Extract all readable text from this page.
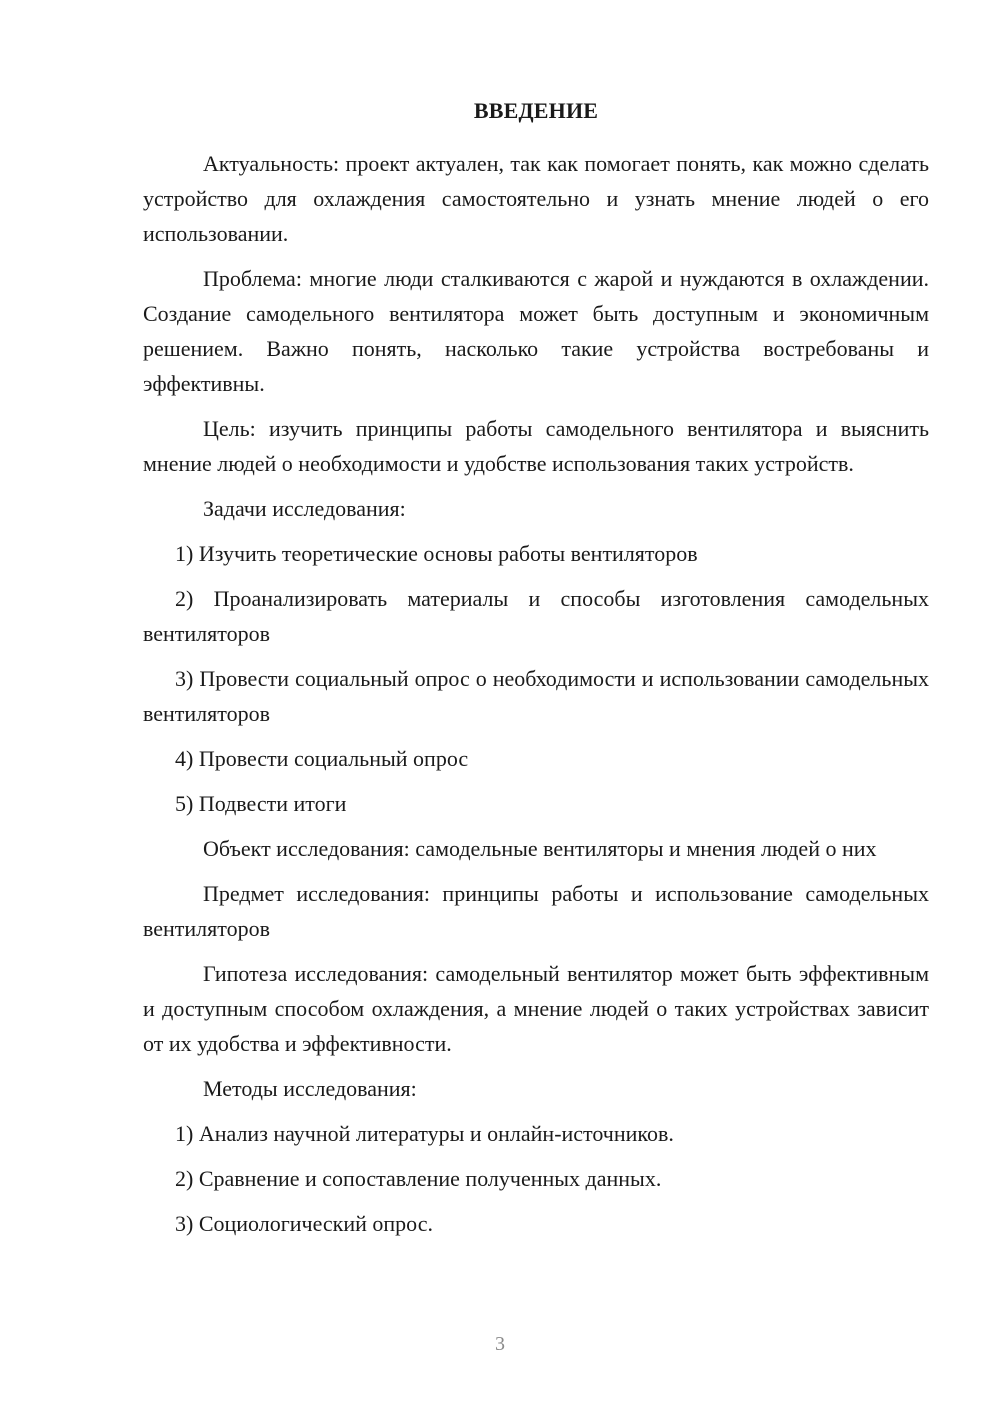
ВВЕДЕНИЕ

Актуальность: проект актуален, так как помогает понять, как можно сделать устройство для охлаждения самостоятельно и узнать мнение людей о его использовании.

Проблема: многие люди сталкиваются с жарой и нуждаются в охлаждении. Создание самодельного вентилятора может быть доступным и экономичным решением. Важно понять, насколько такие устройства востребованы и эффективны.

Цель: изучить принципы работы самодельного вентилятора и выяснить мнение людей о необходимости и удобстве использования таких устройств.

Задачи исследования:

1) Изучить теоретические основы работы вентиляторов

2) Проанализировать материалы и способы изготовления самодельных вентиляторов

3) Провести социальный опрос о необходимости и использовании самодельных вентиляторов

4) Провести социальный опрос

5) Подвести итоги

Объект исследования: самодельные вентиляторы и мнения людей о них

Предмет исследования: принципы работы и использование самодельных вентиляторов

Гипотеза исследования: самодельный вентилятор может быть эффективным и доступным способом охлаждения, а мнение людей о таких устройствах зависит от их удобства и эффективности.

Методы исследования:

1) Анализ научной литературы и онлайн-источников.

2) Сравнение и сопоставление полученных данных.

3) Социологический опрос.

3
